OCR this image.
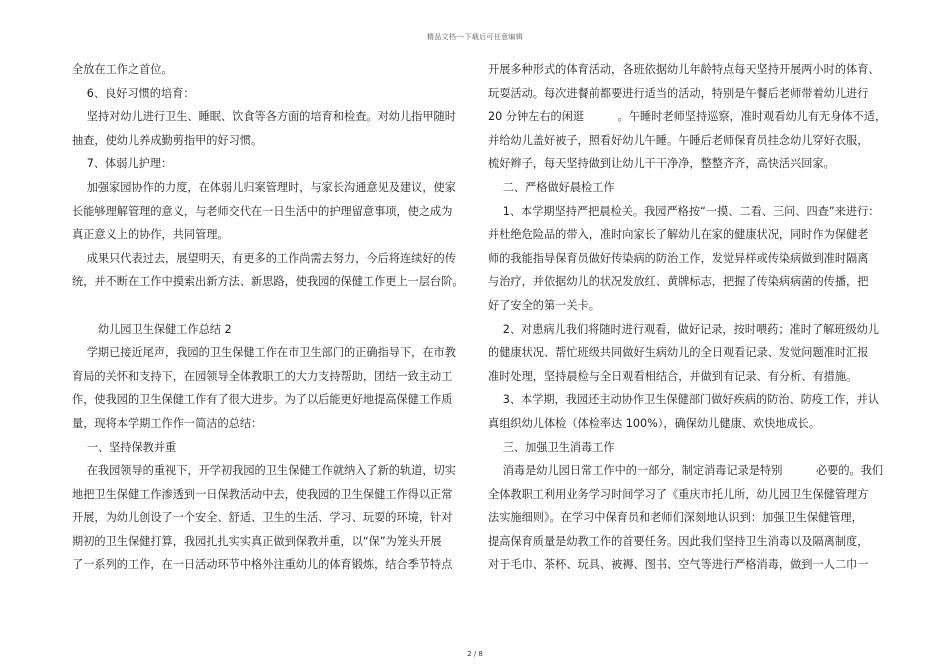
精品文档---下载后可任意编辑

全放在工作之首位。

　 6、良好习惯的培育：

　 坚持对幼儿进行卫生、睡眠、饮食等各方面的培育和检查。对幼儿指甲随时

抽查，使幼儿养成勤剪指甲的好习惯。

　 7、体弱儿护理：

　 加强家园协作的力度，在体弱儿归案管理时，与家长沟通意见及建议，使家

长能够理解管理的意义，与老师交代在一日生活中的护理留意事项，使之成为

真正意义上的协作，共同管理。

　 成果只代表过去，展望明天，有更多的工作尚需去努力，今后将连续好的传

统，并不断在工作中摸索出新方法、新思路，使我园的保健工作更上一层台阶。

　　 幼儿园卫生保健工作总结 2

　 学期已接近尾声，我园的卫生保健工作在市卫生部门的正确指导下，在市教

育局的关怀和支持下，在园领导全体教职工的大力支持帮助，团结一致主动工

作，使我园的卫生保健工作有了很大进步。为了以后能更好地提高保健工作质

量，现将本学期工作作一简洁的总结：

　 一、坚持保教并重

　 在我园领导的重视下，开学初我园的卫生保健工作就纳入了新的轨道，切实

地把卫生保健工作渗透到一日保教活动中去，使我园的卫生保健工作得以正常

开展，为幼儿创设了一个安全、舒适、卫生的生活、学习、玩耍的环境，针对

期初的卫生保健打算，我园扎扎实实真正做到保教并重，以“保”为笼头开展

了一系列的工作，在一日活动环节中格外注重幼儿的体育锻炼，结合季节特点

开展多种形式的体育活动，各班依据幼儿年龄特点每天坚持开展两小时的体育、

玩耍活动。每次进餐前都要进行适当的活动，特别是午餐后老师带着幼儿进行

20 分钟左右的闲逛　　　。午睡时老师坚持巡察，准时观看幼儿有无身体不适，

并给幼儿盖好被子，照看好幼儿午睡。午睡后老师保育员挂念幼儿穿好衣服，

梳好辫子，每天坚持做到让幼儿干干净净，整整齐齐，高快活兴回家。

　 二、严格做好晨检工作

　 1、本学期坚持严把晨检关。我园严格按“一摸、二看、三问、四查”来进行：

并杜绝危险品的带入，准时向家长了解幼儿在家的健康状况，同时作为保健老

师的我能指导保育员做好传染病的防治工作，发觉异样或传染病做到准时隔离

与治疗，并依据幼儿的状况发放红、黄牌标志，把握了传染病病菌的传播，把

好了安全的第一关卡。

　 2、对患病儿我们将随时进行观看，做好记录，按时喂药；准时了解班级幼儿

的健康状况、帮忙班级共同做好生病幼儿的全日观看记录、发觉问题准时汇报

准时处理，坚持晨检与全日观看相结合，并做到有记录、有分析、有措施。

　 3、本学期，我园还主动协作卫生保健部门做好疾病的防治、防疫工作，并认

真组织幼儿体检（体检率达 100%），确保幼儿健康、欢快地成长。

　 三、加强卫生消毒工作

　 消毒是幼儿园日常工作中的一部分，制定消毒记录是特别　　　必要的。我们

全体教职工利用业务学习时间学习了《重庆市托儿所，幼儿园卫生保健管理方

法实施细则》。在学习中保育员和老师们深刻地认识到：加强卫生保健管理，

提高保育质量是幼教工作的首要任务。因此我们坚持卫生消毒以及隔离制度，

对于毛巾、茶杯、玩具、被褥、图书、空气等进行严格消毒，做到一人二巾一

2 / 8
